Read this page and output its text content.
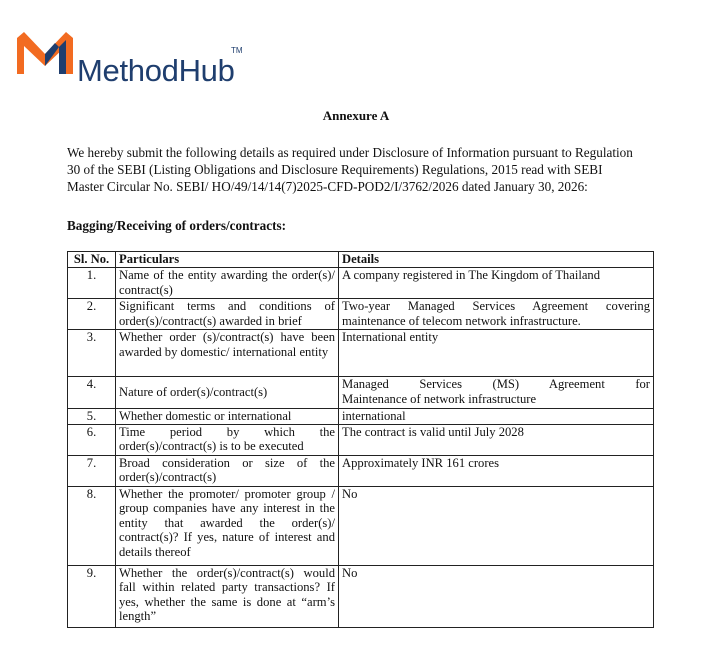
MethodHub
TM
Annexure A
We hereby submit the following details as required under Disclosure of Information pursuant to Regulation
30 of the SEBI (Listing Obligations and Disclosure Requirements) Regulations, 2015 read with SEBI
Master Circular No. SEBI/ HO/49/14/14(7)2025-CFD-POD2/I/3762/2026 dated January 30, 2026:
Bagging/Receiving of orders/contracts:
Sl. No.	Particulars	Details
1.	Name of the entity awarding the order(s)/ contract(s)	A company registered in The Kingdom of Thailand
2.	Significant terms and conditions of order(s)/contract(s) awarded in brief	Two-year Managed Services Agreement covering maintenance of telecom network infrastructure.
3.	Whether order (s)/contract(s) have been awarded by domestic/ international entity	International entity
4.	Nature of order(s)/contract(s)	Managed Services (MS) Agreement for
Maintenance of network infrastructure

5.	Whether domestic or international	international
6.	Time period by which the order(s)/contract(s) is to be executed	The contract is valid until July 2028
7.	Broad consideration or size of the order(s)/contract(s)	Approximately INR 161 crores
8.	Whether the promoter/ promoter group / group companies have any interest in the entity that awarded the order(s)/ contract(s)? If yes, nature of interest and details thereof	No
9.	Whether the order(s)/contract(s) would fall within related party transactions? If yes, whether the same is done at “arm’s length”	No
